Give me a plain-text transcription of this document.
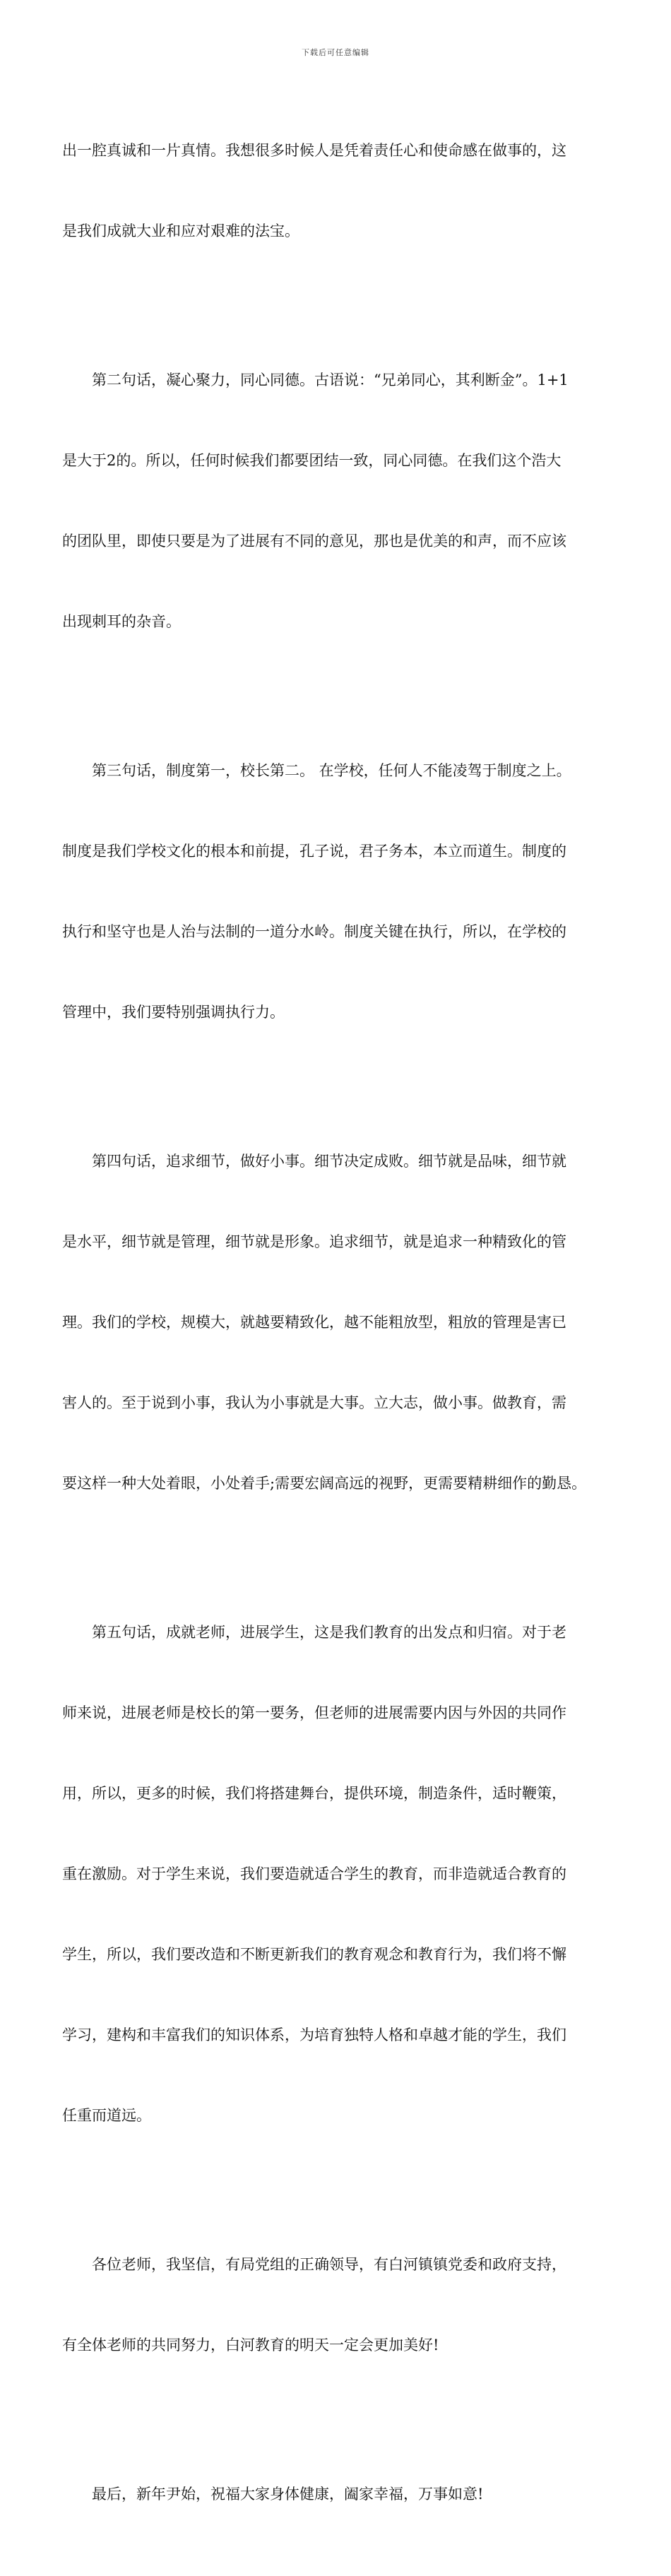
下载后可任意编辑

出一腔真诚和一片真情。我想很多时候人是凭着责任心和使命感在做事的，这

是我们成就大业和应对艰难的法宝。

　　第二句话，凝心聚力，同心同德。古语说：“兄弟同心，其利断金”。1+1

是大于2的。所以，任何时候我们都要团结一致，同心同德。在我们这个浩大

的团队里，即使只要是为了进展有不同的意见，那也是优美的和声，而不应该

出现刺耳的杂音。

　　第三句话，制度第一，校长第二。 在学校，任何人不能凌驾于制度之上。

制度是我们学校文化的根本和前提，孔子说，君子务本，本立而道生。制度的

执行和坚守也是人治与法制的一道分水岭。制度关键在执行，所以，在学校的

管理中，我们要特别强调执行力。

　　第四句话，追求细节，做好小事。细节决定成败。细节就是品味，细节就

是水平，细节就是管理，细节就是形象。追求细节，就是追求一种精致化的管

理。我们的学校，规模大，就越要精致化，越不能粗放型，粗放的管理是害已

害人的。至于说到小事，我认为小事就是大事。立大志，做小事。做教育，需

要这样一种大处着眼，小处着手;需要宏阔高远的视野，更需要精耕细作的勤恳。

　　第五句话，成就老师，进展学生，这是我们教育的出发点和归宿。对于老

师来说，进展老师是校长的第一要务，但老师的进展需要内因与外因的共同作

用，所以，更多的时候，我们将搭建舞台，提供环境，制造条件，适时鞭策，

重在激励。对于学生来说，我们要造就适合学生的教育，而非造就适合教育的

学生，所以，我们要改造和不断更新我们的教育观念和教育行为，我们将不懈

学习，建构和丰富我们的知识体系，为培育独特人格和卓越才能的学生，我们

任重而道远。

　　各位老师，我坚信，有局党组的正确领导，有白河镇镇党委和政府支持，

有全体老师的共同努力，白河教育的明天一定会更加美好!

　　最后，新年尹始，祝福大家身体健康，阖家幸福，万事如意!
